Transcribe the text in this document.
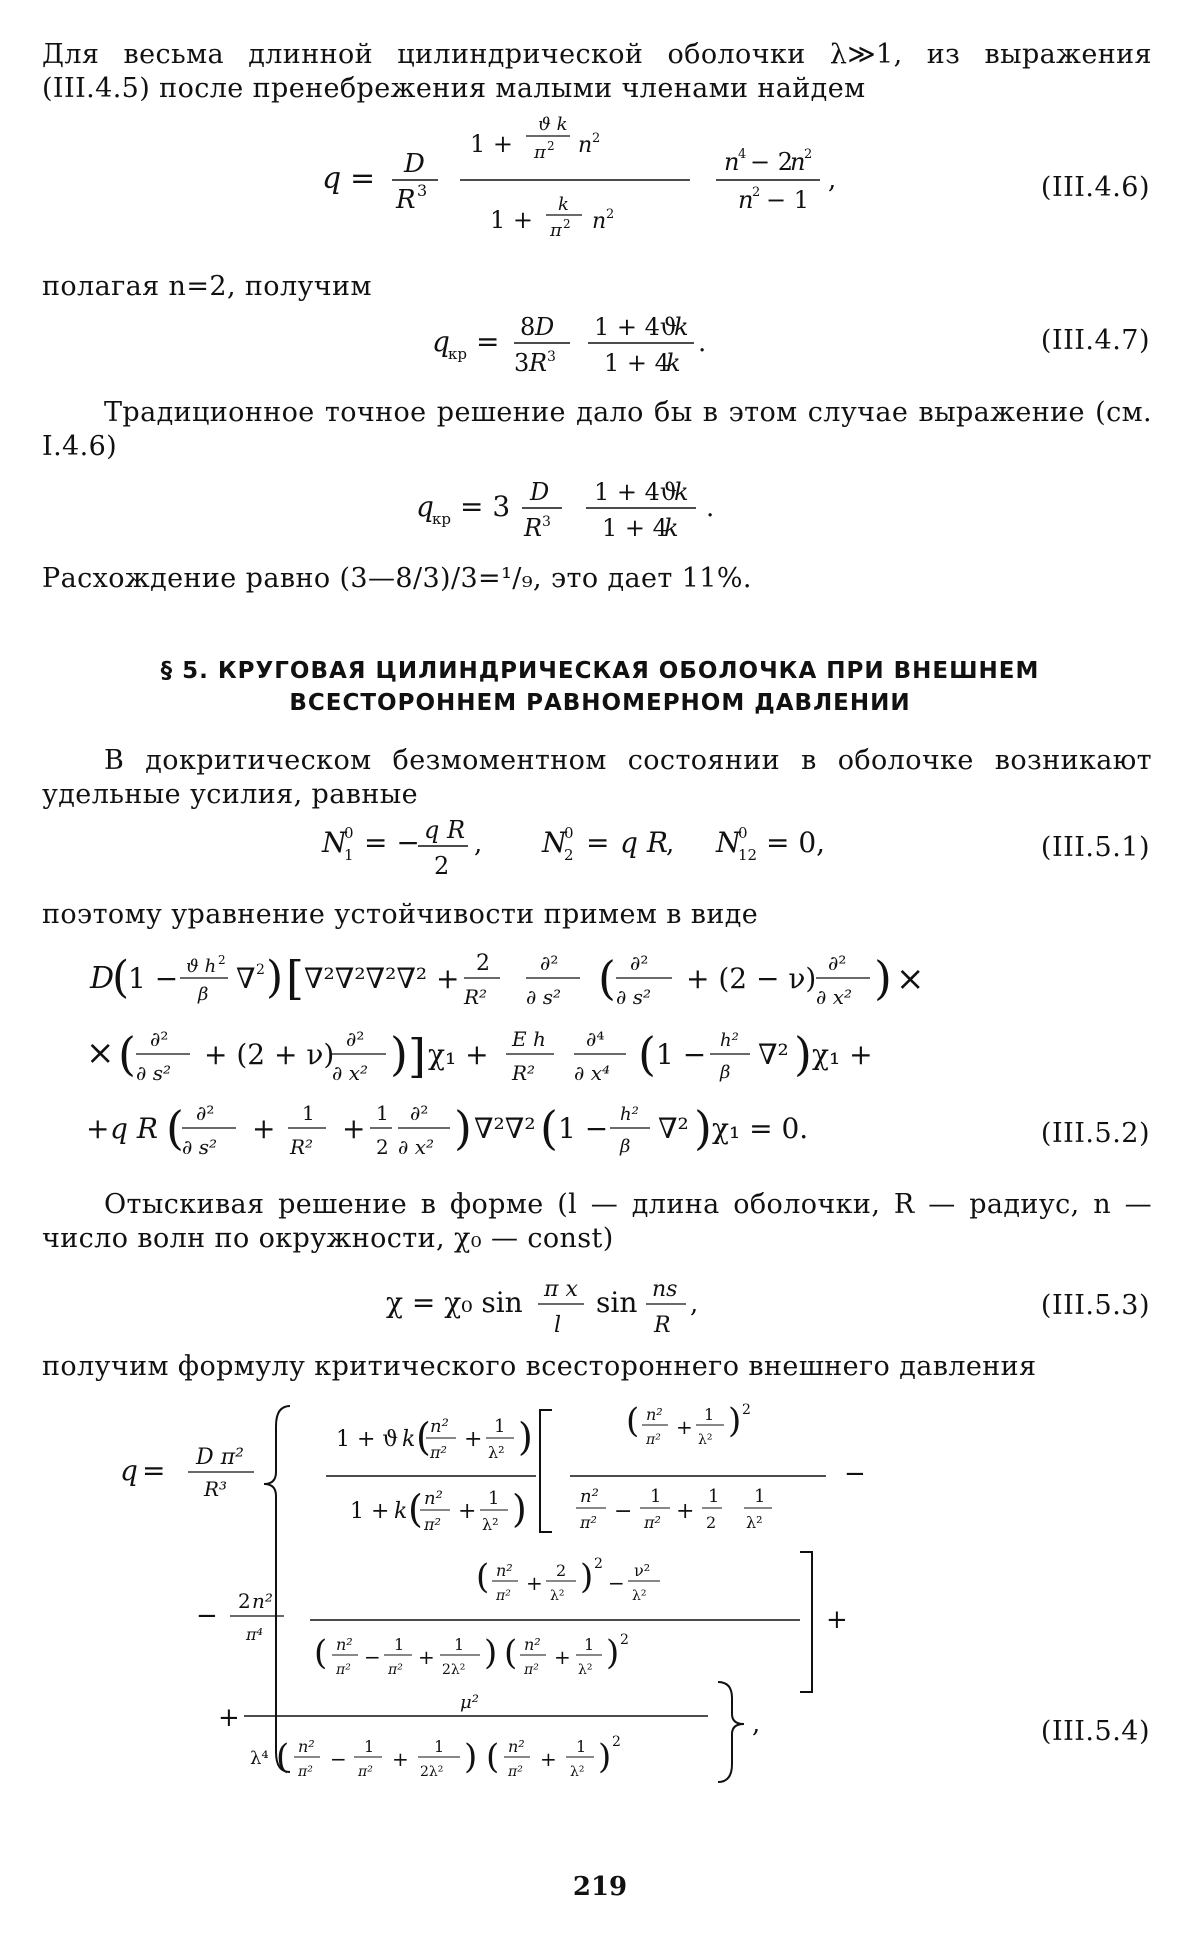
Для весьма длинной цилиндрической оболочки λ≫1, из выражения (III.4.5) после пренебрежения малыми членами найдем
q = D
R 3
1 +
ϑ k
π 2 n 2
1 +
k
π 2 n 2
n
4 − 2
n
2
n
2 − 1
,	(III.4.6)
полагая n=2, получим
q
кр = 8 D
3 R 3
1 + 4ϑ
k
1 + 4
k
.	(III.4.7)
Традиционное точное решение дало бы в этом случае выражение (см. I.4.6)
q
кр = 3 D
R 3
1 + 4ϑ
k
1 + 4
k
.
Расхождение равно (3—8/3)/3=¹/₉, это дает 11%.
§ 5. КРУГОВАЯ ЦИЛИНДРИЧЕСКАЯ ОБОЛОЧКА ПРИ ВНЕШНЕМ
ВСЕСТОРОННЕМ РАВНОМЕРНОМ ДАВЛЕНИИ
В докритическом безмоментном состоянии в оболочке возникают удельные усилия, равные
N
0
1 = − q R
2
, N
0
2 = q R
, N
0
12 = 0,	(III.5.1)
поэтому уравнение устойчивости примем в виде
D
(
1 − ϑ h 2
β ∇ 2 ) [ ∇²∇²∇²∇² + 2
R²
∂²
∂ s² ( ∂²
∂ s²
+ (2 − ν) ∂²
∂ x² ) ×
× ( ∂²
∂ s²
+ (2 + ν) ∂²
∂ x² ) ] χ₁ + E h
R²
∂⁴
∂ x⁴ ( 1 − h²
β
∇² ) χ₁ +
+ q R ( ∂²
∂ s²
+ 1
R²
+ 1
2
∂²
∂ x² ) ∇²∇² ( 1 − h²
β
∇² ) χ₁ = 0.	(III.5.2)
Отыскивая решение в форме (l — длина оболочки, R — радиус, n — число волн по окружности, χ₀ — const)
χ = χ₀ sin π x
l
sin ns
R
,	(III.5.3)
получим формулу критического всестороннего внешнего давления
q = D π²
R³
1 + ϑ k ( n²
π²
+
1
λ² )
1 + k ( n²
π²
+
1
λ² )
( n²
π²
+
1
λ² ) 2
n²
π² −
1
π² +
1
2
1
λ²
−
− 2 n²
π⁴
( n²
π²
+
2
λ² ) 2
−
ν²
λ²
( n²
π²
−
1
π²
+
1
2λ² ) ( n²
π²
+
1
λ² ) 2
+
+
μ²
λ⁴ ( n²
π²
−
1
π²
+
1
2λ² ) ( n²
π²
+
1
λ² ) 2
,	(III.5.4)
219
